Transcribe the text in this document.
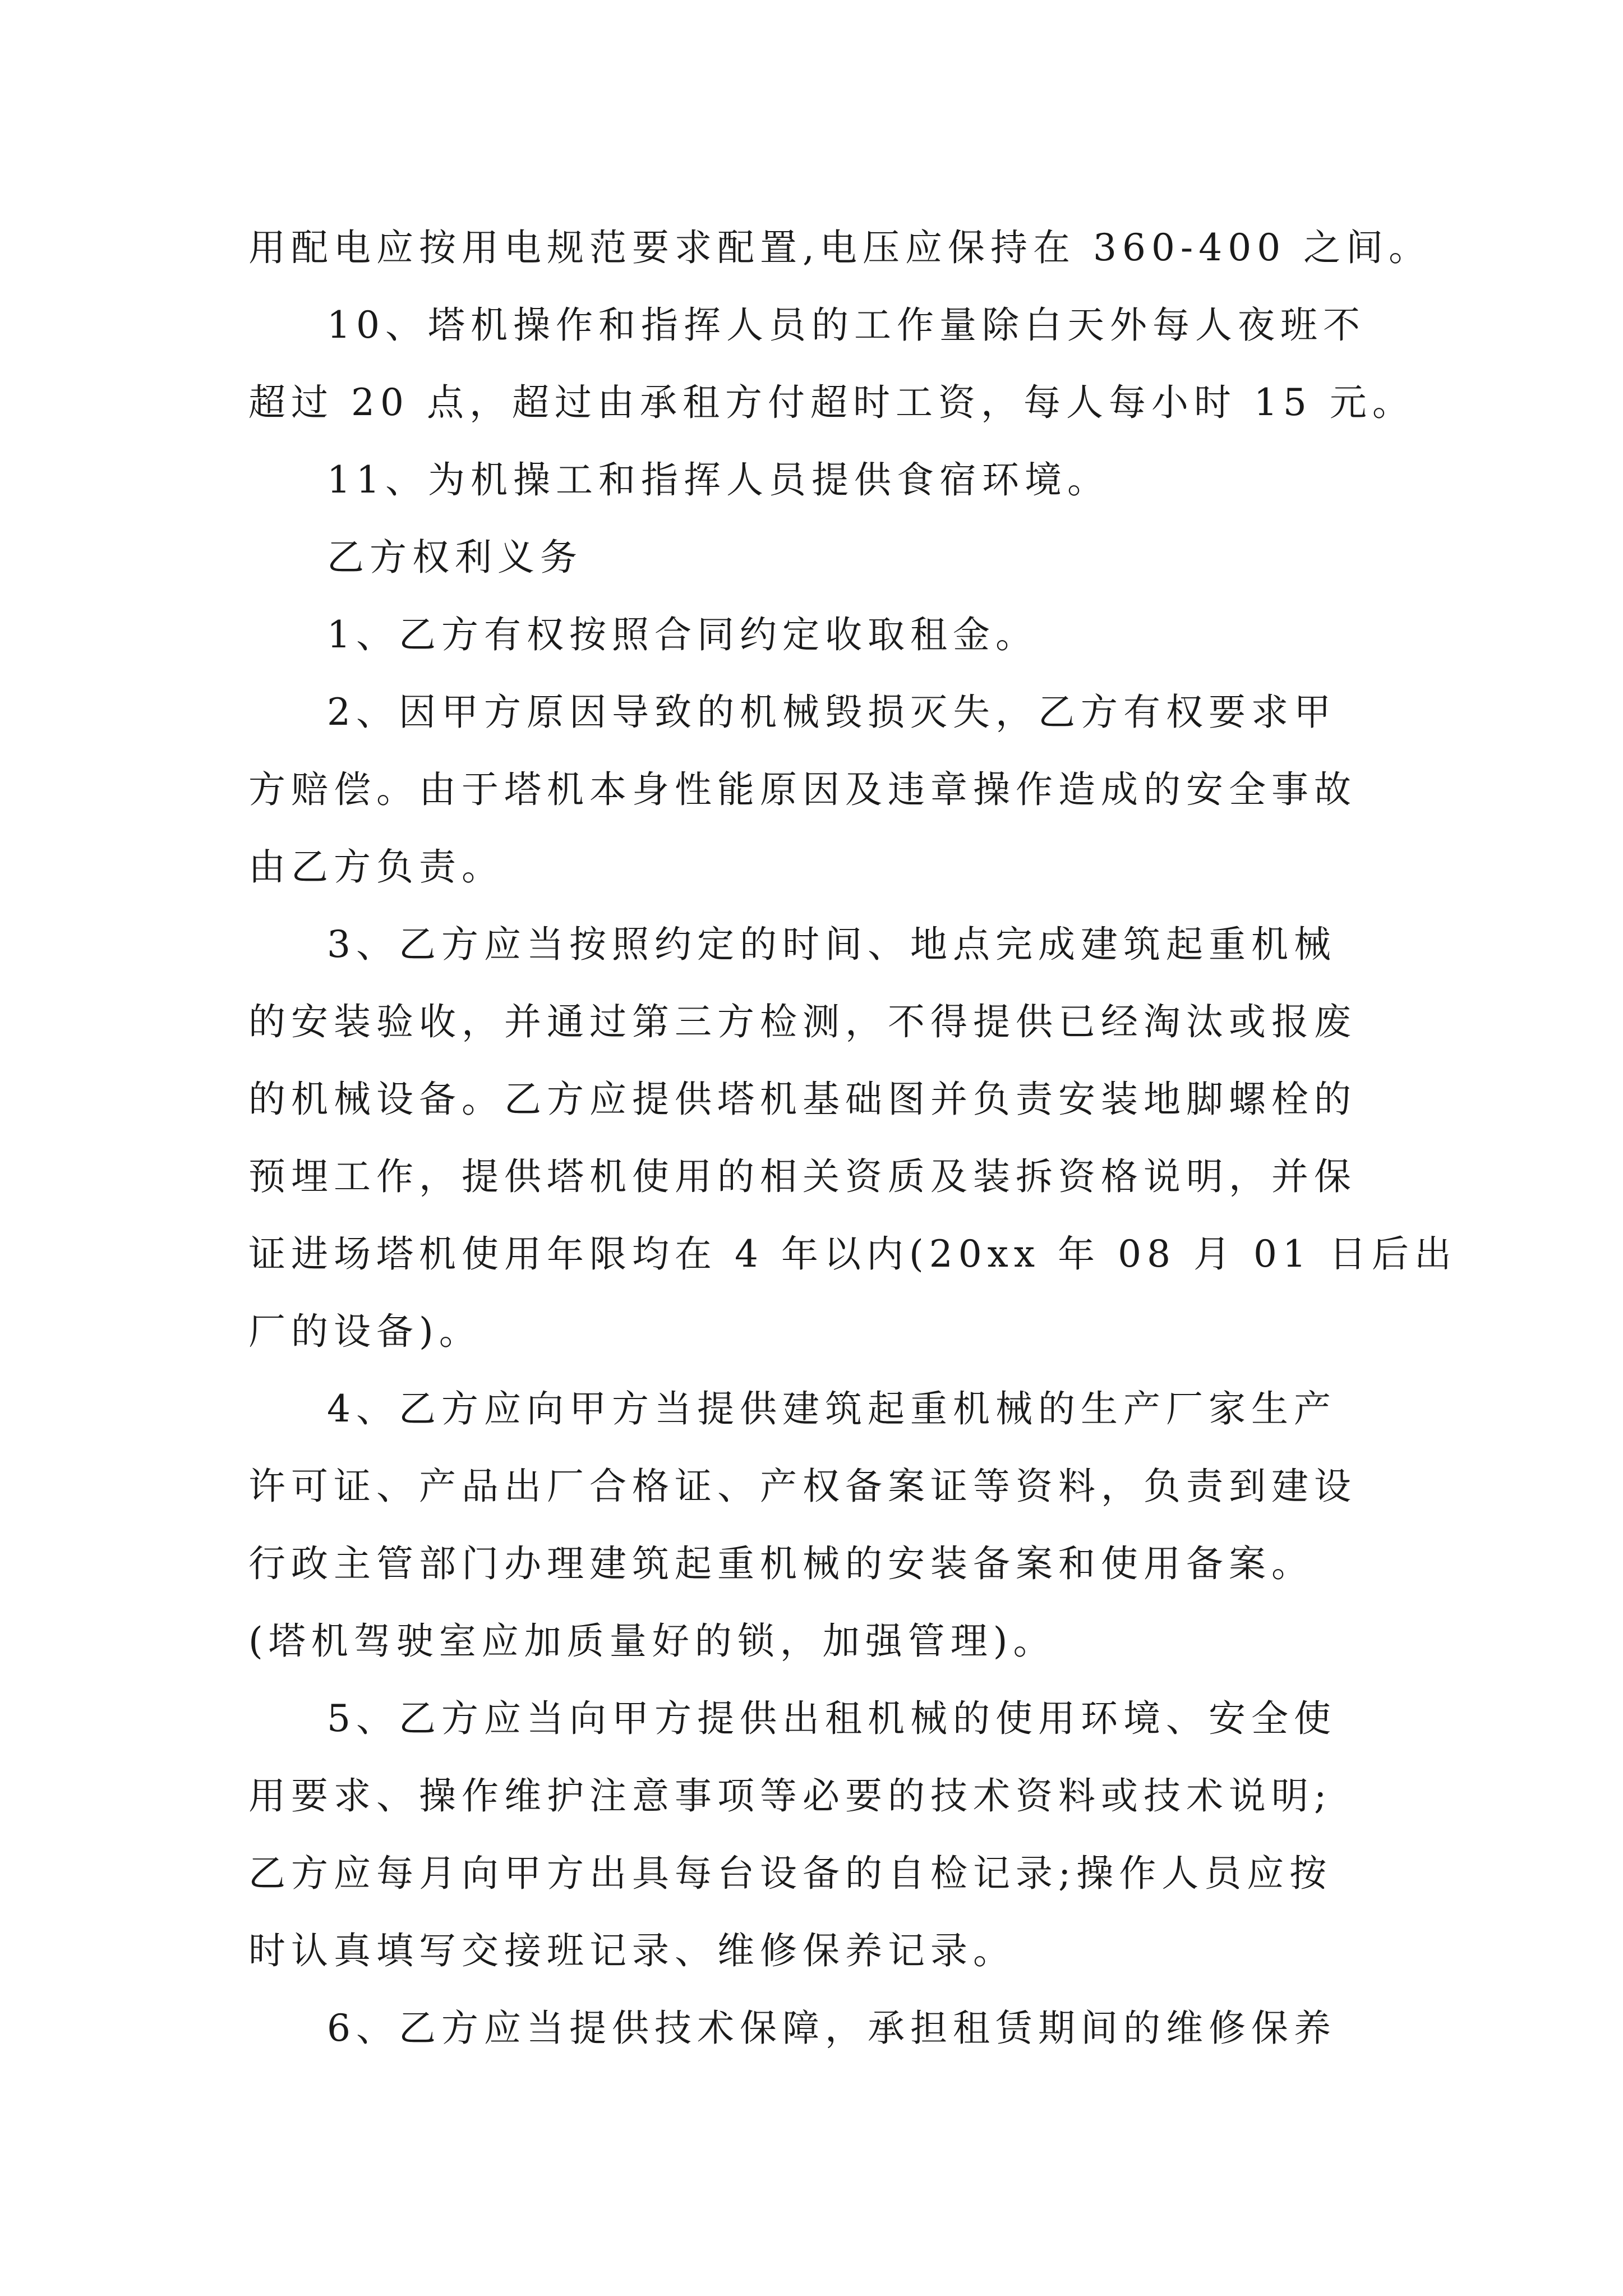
用配电应按用电规范要求配置,电压应保持在 360-400 之间。
10、塔机操作和指挥人员的工作量除白天外每人夜班不
超过 20 点，超过由承租方付超时工资，每人每小时 15 元。
11、为机操工和指挥人员提供食宿环境。
乙方权利义务
1、乙方有权按照合同约定收取租金。
2、因甲方原因导致的机械毁损灭失，乙方有权要求甲
方赔偿。由于塔机本身性能原因及违章操作造成的安全事故
由乙方负责。
3、乙方应当按照约定的时间、地点完成建筑起重机械
的安装验收，并通过第三方检测，不得提供已经淘汰或报废
的机械设备。乙方应提供塔机基础图并负责安装地脚螺栓的
预埋工作，提供塔机使用的相关资质及装拆资格说明，并保
证进场塔机使用年限均在 4 年以内(20xx 年 08 月 01 日后出
厂的设备)。
4、乙方应向甲方当提供建筑起重机械的生产厂家生产
许可证、产品出厂合格证、产权备案证等资料，负责到建设
行政主管部门办理建筑起重机械的安装备案和使用备案。
(塔机驾驶室应加质量好的锁，加强管理)。
5、乙方应当向甲方提供出租机械的使用环境、安全使
用要求、操作维护注意事项等必要的技术资料或技术说明;
乙方应每月向甲方出具每台设备的自检记录;操作人员应按
时认真填写交接班记录、维修保养记录。
6、乙方应当提供技术保障，承担租赁期间的维修保养
